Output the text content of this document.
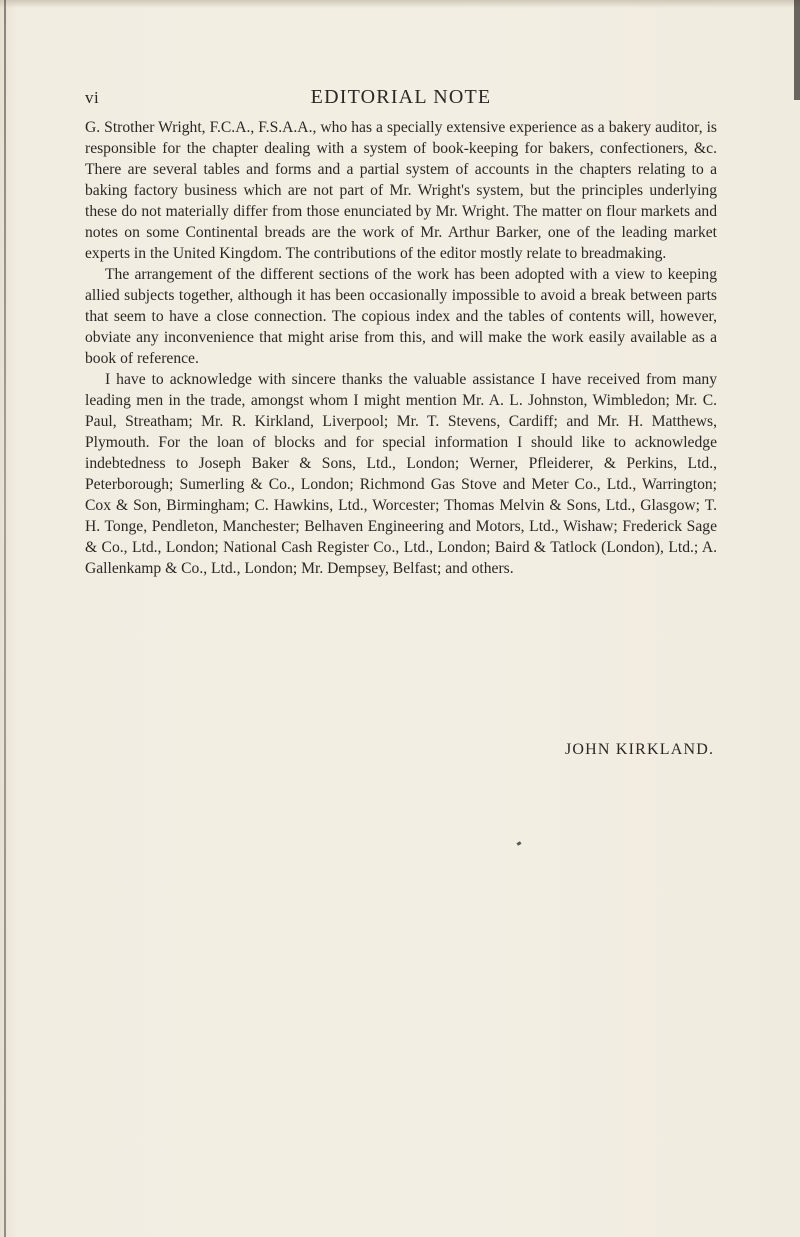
vi	EDITORIAL NOTE

G. Strother Wright, F.C.A., F.S.A.A., who has a specially extensive experience as a bakery auditor, is responsible for the chapter dealing with a system of book-keeping for bakers, confectioners, &c. There are several tables and forms and a partial system of accounts in the chapters relating to a baking factory business which are not part of Mr. Wright's system, but the principles underlying these do not materially differ from those enunciated by Mr. Wright. The matter on flour markets and notes on some Continental breads are the work of Mr. Arthur Barker, one of the leading market experts in the United Kingdom. The contributions of the editor mostly relate to breadmaking.

The arrangement of the different sections of the work has been adopted with a view to keeping allied subjects together, although it has been occasionally impossible to avoid a break between parts that seem to have a close connection. The copious index and the tables of contents will, however, obviate any inconvenience that might arise from this, and will make the work easily available as a book of reference.

I have to acknowledge with sincere thanks the valuable assistance I have received from many leading men in the trade, amongst whom I might mention Mr. A. L. Johnston, Wimbledon; Mr. C. Paul, Streatham; Mr. R. Kirkland, Liverpool; Mr. T. Stevens, Cardiff; and Mr. H. Matthews, Plymouth. For the loan of blocks and for special information I should like to acknowledge indebtedness to Joseph Baker & Sons, Ltd., London; Werner, Pfleiderer, & Perkins, Ltd., Peterborough; Sumerling & Co., London; Richmond Gas Stove and Meter Co., Ltd., Warrington; Cox & Son, Birmingham; C. Hawkins, Ltd., Worcester; Thomas Melvin & Sons, Ltd., Glasgow; T. H. Tonge, Pendleton, Manchester; Belhaven Engineering and Motors, Ltd., Wishaw; Frederick Sage & Co., Ltd., London; National Cash Register Co., Ltd., London; Baird & Tatlock (London), Ltd.; A. Gallenkamp & Co., Ltd., London; Mr. Dempsey, Belfast; and others.

JOHN KIRKLAND.
